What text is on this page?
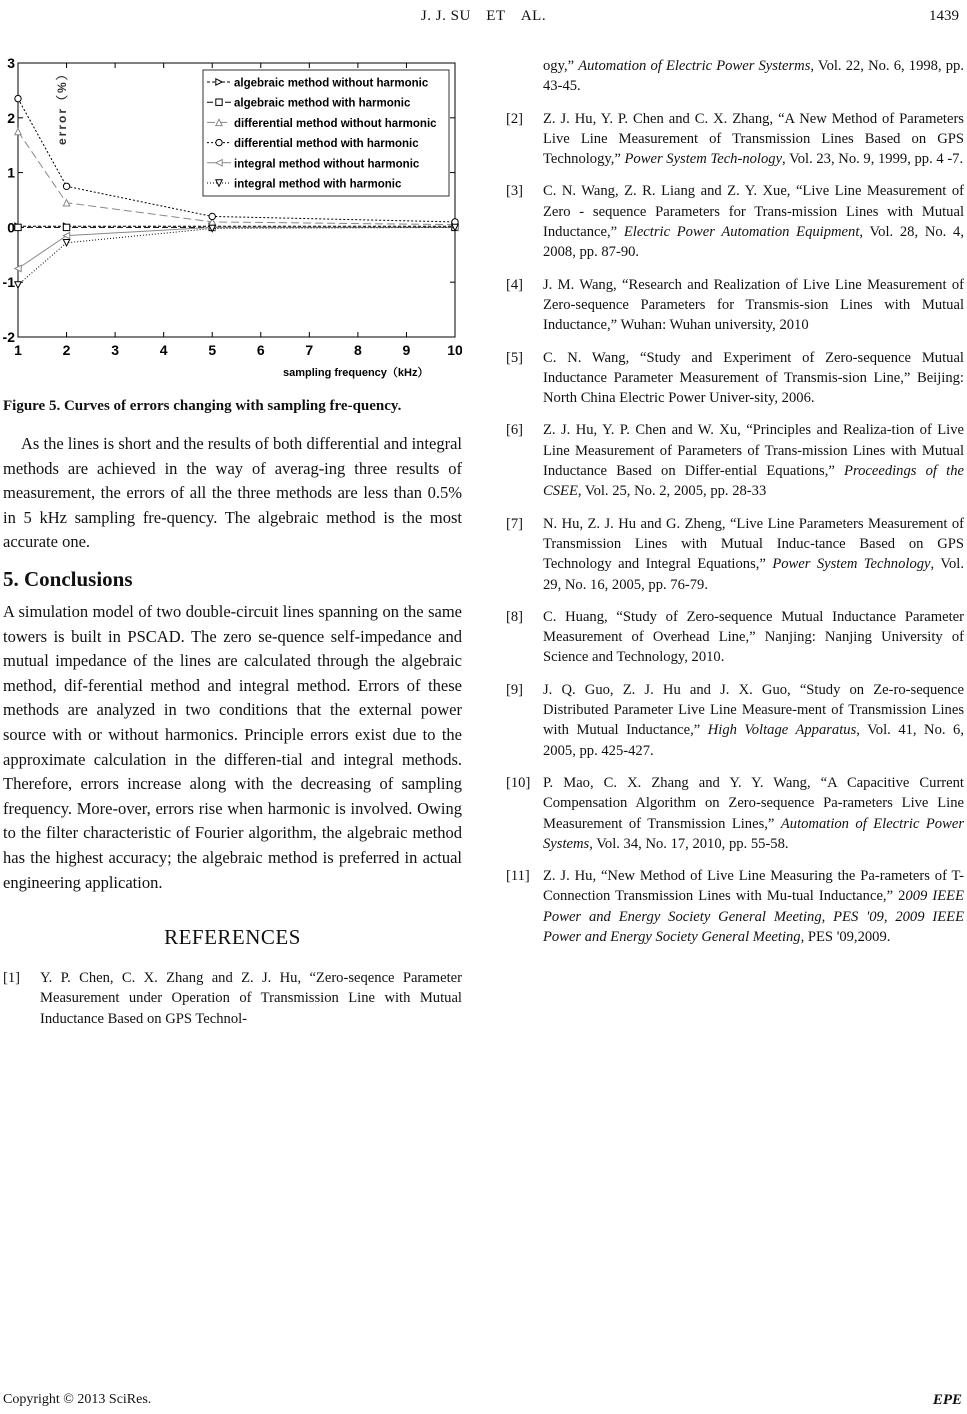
J. J. SU　ET　AL.	1439
3
2
1
0
-1
-2
1	2	3	4	5	6	7	8	9	10
error（%）
sampling frequency（kHz）
algebraic method without harmonic
algebraic method with harmonic
differential method without harmonic
differential method with harmonic
integral method without harmonic
integral method with harmonic
Figure 5. Curves of errors changing with sampling fre-quency.

As the lines is short and the results of both differential and integral methods are achieved in the way of averag-ing three results of measurement, the errors of all the three methods are less than 0.5% in 5 kHz sampling fre-quency. The algebraic method is the most accurate one.

5. Conclusions

A simulation model of two double-circuit lines spanning on the same towers is built in PSCAD. The zero se-quence self-impedance and mutual impedance of the lines are calculated through the algebraic method, dif-ferential method and integral method. Errors of these methods are analyzed in two conditions that the external power source with or without harmonics. Principle errors exist due to the approximate calculation in the differen-tial and integral methods. Therefore, errors increase along with the decreasing of sampling frequency. More-over, errors rise when harmonic is involved. Owing to the filter characteristic of Fourier algorithm, the algebraic method has the highest accuracy; the algebraic method is preferred in actual engineering application.

REFERENCES
[1]	Y. P. Chen, C. X. Zhang and Z. J. Hu, “Zero-seqence Parameter Measurement under Operation of Transmission Line with Mutual Inductance Based on GPS Technol-
ogy,” Automation of Electric Power Systerms, Vol. 22, No. 6, 1998, pp. 43-45.
[2]	Z. J. Hu, Y. P. Chen and C. X. Zhang, “A New Method of Parameters Live Line Measurement of Transmission Lines Based on GPS Technology,” Power System Tech-nology, Vol. 23, No. 9, 1999, pp. 4 -7.
[3]	C. N. Wang, Z. R. Liang and Z. Y. Xue, “Live Line Measurement of Zero - sequence Parameters for Trans-mission Lines with Mutual Inductance,” Electric Power Automation Equipment, Vol. 28, No. 4, 2008, pp. 87-90.
[4]	J. M. Wang, “Research and Realization of Live Line Measurement of Zero-sequence Parameters for Transmis-sion Lines with Mutual Inductance,” Wuhan: Wuhan university, 2010
[5]	C. N. Wang, “Study and Experiment of Zero-sequence Mutual Inductance Parameter Measurement of Transmis-sion Line,” Beijing: North China Electric Power Univer-sity, 2006.
[6]	Z. J. Hu, Y. P. Chen and W. Xu, “Principles and Realiza-tion of Live Line Measurement of Parameters of Trans-mission Lines with Mutual Inductance Based on Differ-ential Equations,” Proceedings of the CSEE, Vol. 25, No. 2, 2005, pp. 28-33
[7]	N. Hu, Z. J. Hu and G. Zheng, “Live Line Parameters Measurement of Transmission Lines with Mutual Induc-tance Based on GPS Technology and Integral Equations,” Power System Technology, Vol. 29, No. 16, 2005, pp. 76-79.
[8]	C. Huang, “Study of Zero-sequence Mutual Inductance Parameter Measurement of Overhead Line,” Nanjing: Nanjing University of Science and Technology, 2010.
[9]	J. Q. Guo, Z. J. Hu and J. X. Guo, “Study on Ze-ro-sequence Distributed Parameter Live Line Measure-ment of Transmission Lines with Mutual Inductance,” High Voltage Apparatus, Vol. 41, No. 6, 2005, pp. 425-427.
[10] P. Mao, C. X. Zhang and Y. Y. Wang, “A Capacitive Current Compensation Algorithm on Zero-sequence Pa-rameters Live Line Measurement of Transmission Lines,” Automation of Electric Power Systems, Vol. 34, No. 17, 2010, pp. 55-58.
[11] Z. J. Hu, “New Method of Live Line Measuring the Pa-rameters of T-Connection Transmission Lines with Mu-tual Inductance,” 2009 IEEE Power and Energy Society General Meeting, PES '09, 2009 IEEE Power and Energy Society General Meeting, PES '09,2009.
Copyright © 2013 SciRes.	EPE
